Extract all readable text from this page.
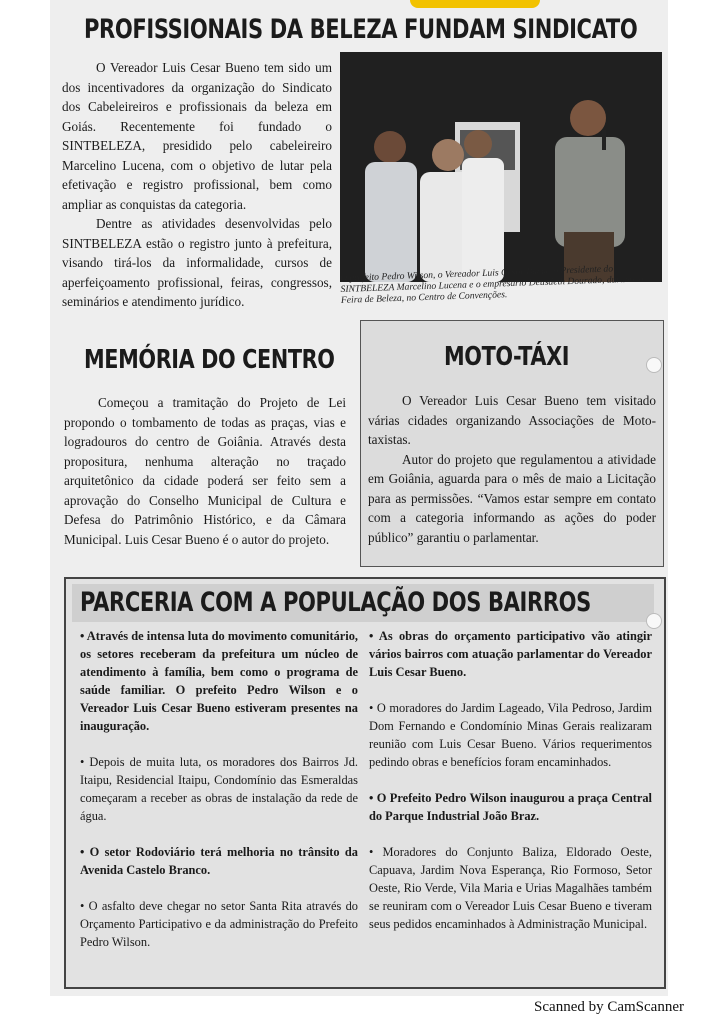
PROFISSIONAIS DA BELEZA FUNDAM SINDICATO

O Vereador Luis Cesar Bueno tem sido um dos incentivadores da organização do Sindicato dos Cabeleireiros e profissionais da beleza em Goiás. Recentemente foi fundado o SINTBELEZA, presidido pelo cabeleireiro Marcelino Lucena, com o objetivo de lutar pela efetivação e registro profissional, bem como ampliar as conquistas da categoria.

Dentre as atividades desenvolvidas pelo SINTBELEZA estão o registro junto à prefeitura, visando tirá-los da informalidade, cursos de aperfeiçoamento profissional, feiras, congressos, seminários e atendimento jurídico.

O prefeito Pedro Wilson, o Vereador Luis Cesar Bueno o Presidente do SINTBELEZA Marcelino Lucena e o empresário Deusdeth Dourado, durante a Feira de Beleza, no Centro de Convenções.
MEMÓRIA DO CENTRO

Começou a tramitação do Projeto de Lei propondo o tombamento de todas as praças, vias e logradouros do centro de Goiânia. Através desta propositura, nenhuma alteração no traçado arquitetônico da cidade poderá ser feito sem a aprovação do Conselho Municipal de Cultura e Defesa do Patrimônio Histórico, e da Câmara Municipal. Luis Cesar Bueno é o autor do projeto.

MOTO-TÁXI

O Vereador Luis Cesar Bueno tem visitado várias cidades organizando Associações de Moto-taxistas.

Autor do projeto que regulamentou a atividade em Goiânia, aguarda para o mês de maio a Licitação para as permissões. “Vamos estar sempre em contato com a categoria informando as ações do poder público” garantiu o parlamentar.

PARCERIA COM A POPULAÇÃO DOS BAIRROS

• Através de intensa luta do movimento comunitário, os setores receberam da prefeitura um núcleo de atendimento à família, bem como o programa de saúde familiar. O prefeito Pedro Wilson e o Vereador Luis Cesar Bueno estiveram presentes na inauguração.

• Depois de muita luta, os moradores dos Bairros Jd. Itaipu, Residencial Itaipu, Condomínio das Esmeraldas começaram a receber as obras de instalação da rede de água.

• O setor Rodoviário terá melhoria no trânsito da Avenida Castelo Branco.

• O asfalto deve chegar no setor Santa Rita através do Orçamento Participativo e da administração do Prefeito Pedro Wilson.

• As obras do orçamento participativo vão atingir vários bairros com atuação parlamentar do Vereador Luis Cesar Bueno.

• O moradores do Jardim Lageado, Vila Pedroso, Jardim Dom Fernando e Condomínio Minas Gerais realizaram reunião com Luis Cesar Bueno. Vários requerimentos pedindo obras e benefícios foram encaminhados.

• O Prefeito Pedro Wilson inaugurou a praça Central do Parque Industrial João Braz.

• Moradores do Conjunto Baliza, Eldorado Oeste, Capuava, Jardim Nova Esperança, Rio Formoso, Setor Oeste, Rio Verde, Vila Maria e Urias Magalhães também se reuniram com o Vereador Luis Cesar Bueno e tiveram seus pedidos encaminhados à Administração Municipal.

Scanned by CamScanner
